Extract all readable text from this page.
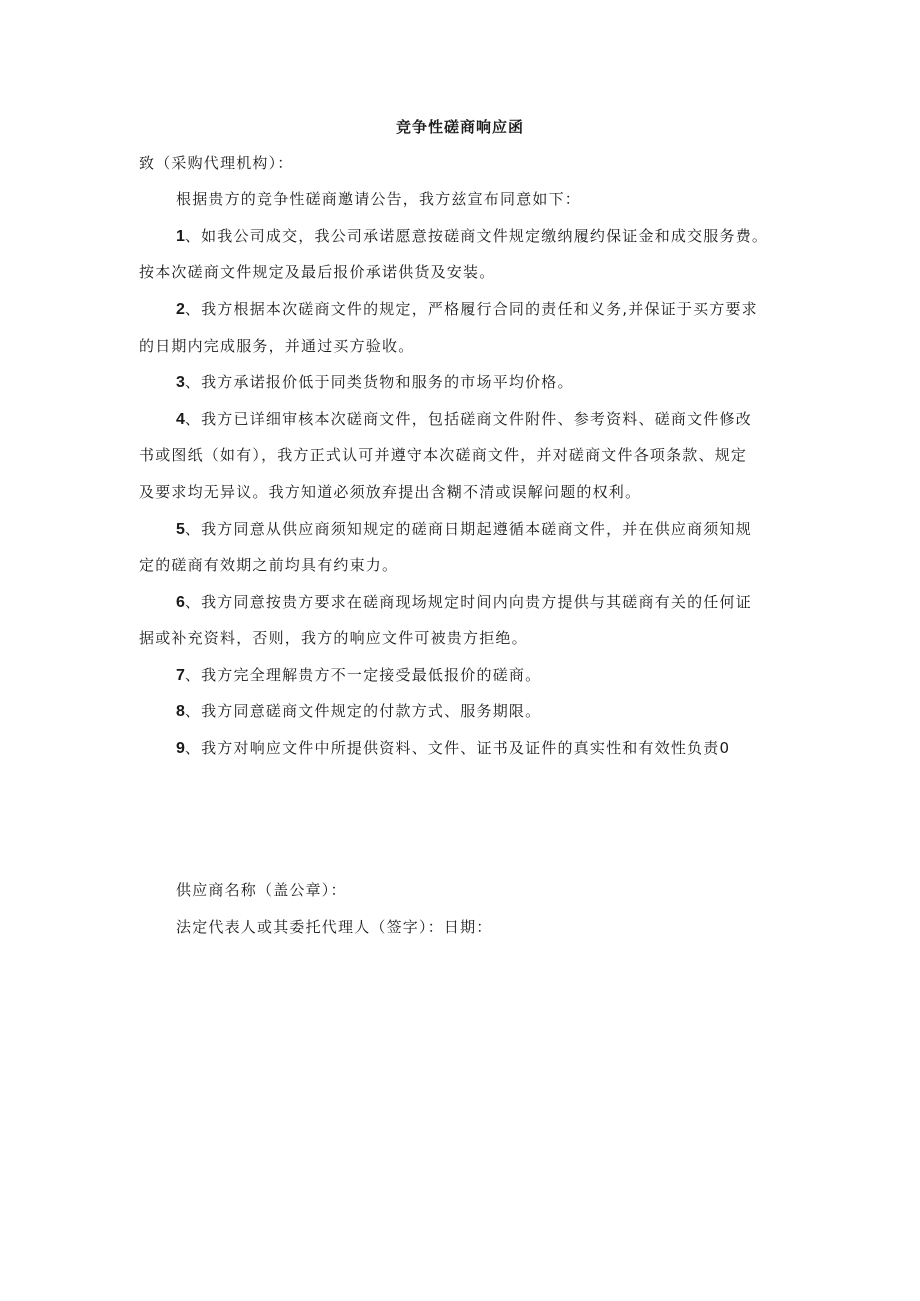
竞争性磋商响应函
致（采购代理机构）：
根据贵方的竞争性磋商邀请公告，我方兹宣布同意如下：
1、如我公司成交，我公司承诺愿意按磋商文件规定缴纳履约保证金和成交服务费。
按本次磋商文件规定及最后报价承诺供货及安装。
2、我方根据本次磋商文件的规定，严格履行合同的责任和义务,并保证于买方要求
的日期内完成服务，并通过买方验收。
3、我方承诺报价低于同类货物和服务的市场平均价格。
4、我方已详细审核本次磋商文件，包括磋商文件附件、参考资料、磋商文件修改
书或图纸（如有），我方正式认可并遵守本次磋商文件，并对磋商文件各项条款、规定
及要求均无异议。我方知道必须放弃提出含糊不清或误解问题的权利。
5、我方同意从供应商须知规定的磋商日期起遵循本磋商文件，并在供应商须知规
定的磋商有效期之前均具有约束力。
6、我方同意按贵方要求在磋商现场规定时间内向贵方提供与其磋商有关的任何证
据或补充资料，否则，我方的响应文件可被贵方拒绝。
7、我方完全理解贵方不一定接受最低报价的磋商。
8、我方同意磋商文件规定的付款方式、服务期限。
9、我方对响应文件中所提供资料、文件、证书及证件的真实性和有效性负责0
供应商名称（盖公章）：
法定代表人或其委托代理人（签字）：日期：
